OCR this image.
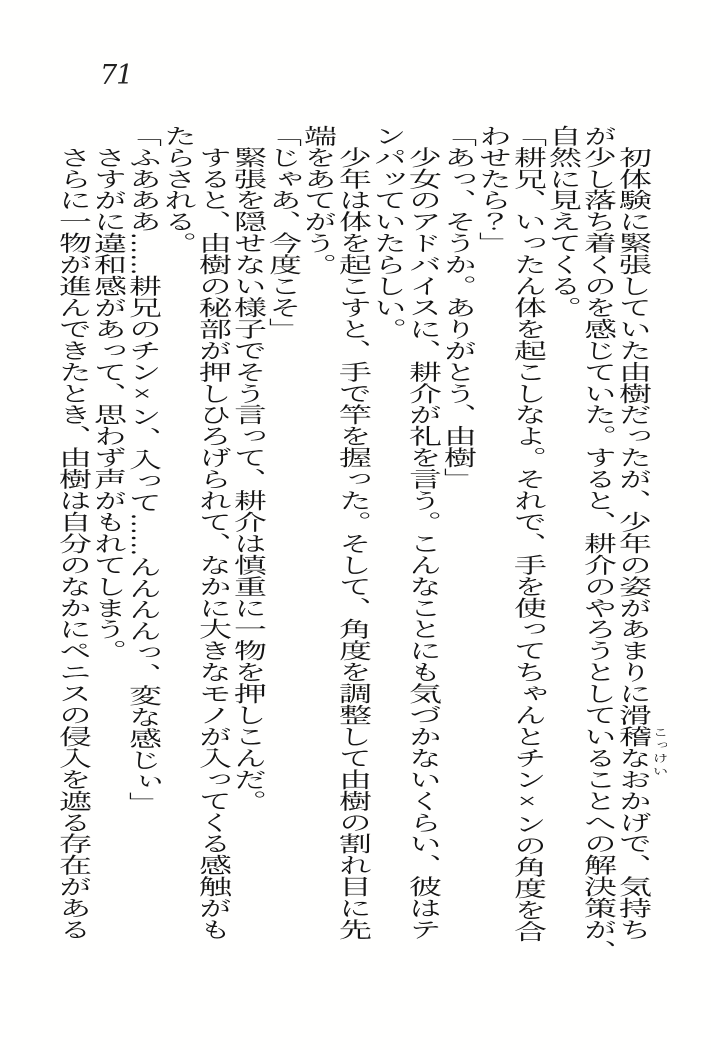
71
初体験に緊張していた由樹だったが、少年の姿があまりに滑稽
こっけい
なおかげで、気持ち
が少し落ち着くのを感じていた。すると、耕介のやろうとしていることへの解決策が、
自然に見えてくる。
「耕兄、いったん体を起こしなよ。それで、手を使ってちゃんとチン×ンの角度を合
わせたら？」
「あっ、そうか。ありがとう、由樹」
少女のアドバイスに、耕介が礼を言う。こんなことにも気づかないくらい、彼はテ
ンパッていたらしい。
少年は体を起こすと、手で竿を握った。そして、角度を調整して由樹の割れ目に先
端をあてがう。
「じゃあ、今度こそ」
緊張を隠せない様子でそう言って、耕介は慎重に一物を押しこんだ。
すると、由樹の秘部が押しひろげられて、なかに大きなモノが入ってくる感触がも
たらされる。
「ふあああ……耕兄のチン×ン、入って……んんんんっ、変な感じぃ」
さすがに違和感があって、思わず声がもれてしまう。
さらに一物が進んできたとき、由樹は自分のなかにペニスの侵入を遮る存在がある
